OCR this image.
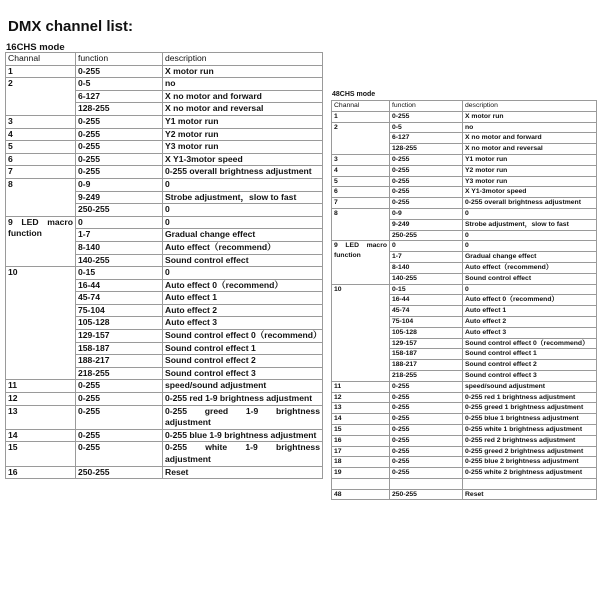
DMX channel list:
16CHS mode
Channal	function	description
1	0-255	X motor run
2	0-5	no
	6-127	X no motor and forward
	128-255	X no motor and reversal
3	0-255	Y1 motor run
4	0-255	Y2 motor run
5	0-255	Y3 motor run
6	0-255	X Y1-3motor speed
7	0-255	0-255 overall brightness adjustment
8	0-9	0
	9-249	Strobe adjustment，slow to fast
	250-255	0
9 LED macro function	0	0
	1-7	Gradual change effect
	8-140	Auto effect（recommend）
	140-255	Sound control effect
10	0-15	0
	16-44	Auto effect 0（recommend）
	45-74	Auto effect 1
	75-104	Auto effect 2
	105-128	Auto effect 3
	129-157	Sound control effect 0（recommend）
	158-187	Sound control effect 1
	188-217	Sound control effect 2
	218-255	Sound control effect 3
11	0-255	speed/sound adjustment
12	0-255	0-255 red 1-9 brightness adjustment
13	0-255	0-255 greed 1-9 brightness adjustment
14	0-255	0-255 blue 1-9 brightness adjustment
15	0-255	0-255 white 1-9 brightness adjustment
16	250-255	Reset
48CHS mode
Channal	function	description
1	0-255	X motor run
2	0-5	no
	6-127	X no motor and forward
	128-255	X no motor and reversal
3	0-255	Y1 motor run
4	0-255	Y2 motor run
5	0-255	Y3 motor run
6	0-255	X Y1-3motor speed
7	0-255	0-255 overall brightness adjustment
8	0-9	0
	9-249	Strobe adjustment，slow to fast
	250-255	0
9 LED macro function	0	0
	1-7	Gradual change effect
	8-140	Auto effect（recommend）
	140-255	Sound control effect
10	0-15	0
	16-44	Auto effect 0（recommend）
	45-74	Auto effect 1
	75-104	Auto effect 2
	105-128	Auto effect 3
	129-157	Sound control effect 0（recommend）
	158-187	Sound control effect 1
	188-217	Sound control effect 2
	218-255	Sound control effect 3
11	0-255	speed/sound adjustment
12	0-255	0-255 red 1 brightness adjustment
13	0-255	0-255 greed 1 brightness adjustment
14	0-255	0-255 blue 1 brightness adjustment
15	0-255	0-255 white 1 brightness adjustment
16	0-255	0-255 red 2 brightness adjustment
17	0-255	0-255 greed 2 brightness adjustment
18	0-255	0-255 blue 2 brightness adjustment
19	0-255	0-255 white 2 brightness adjustment

48	250-255	Reset
